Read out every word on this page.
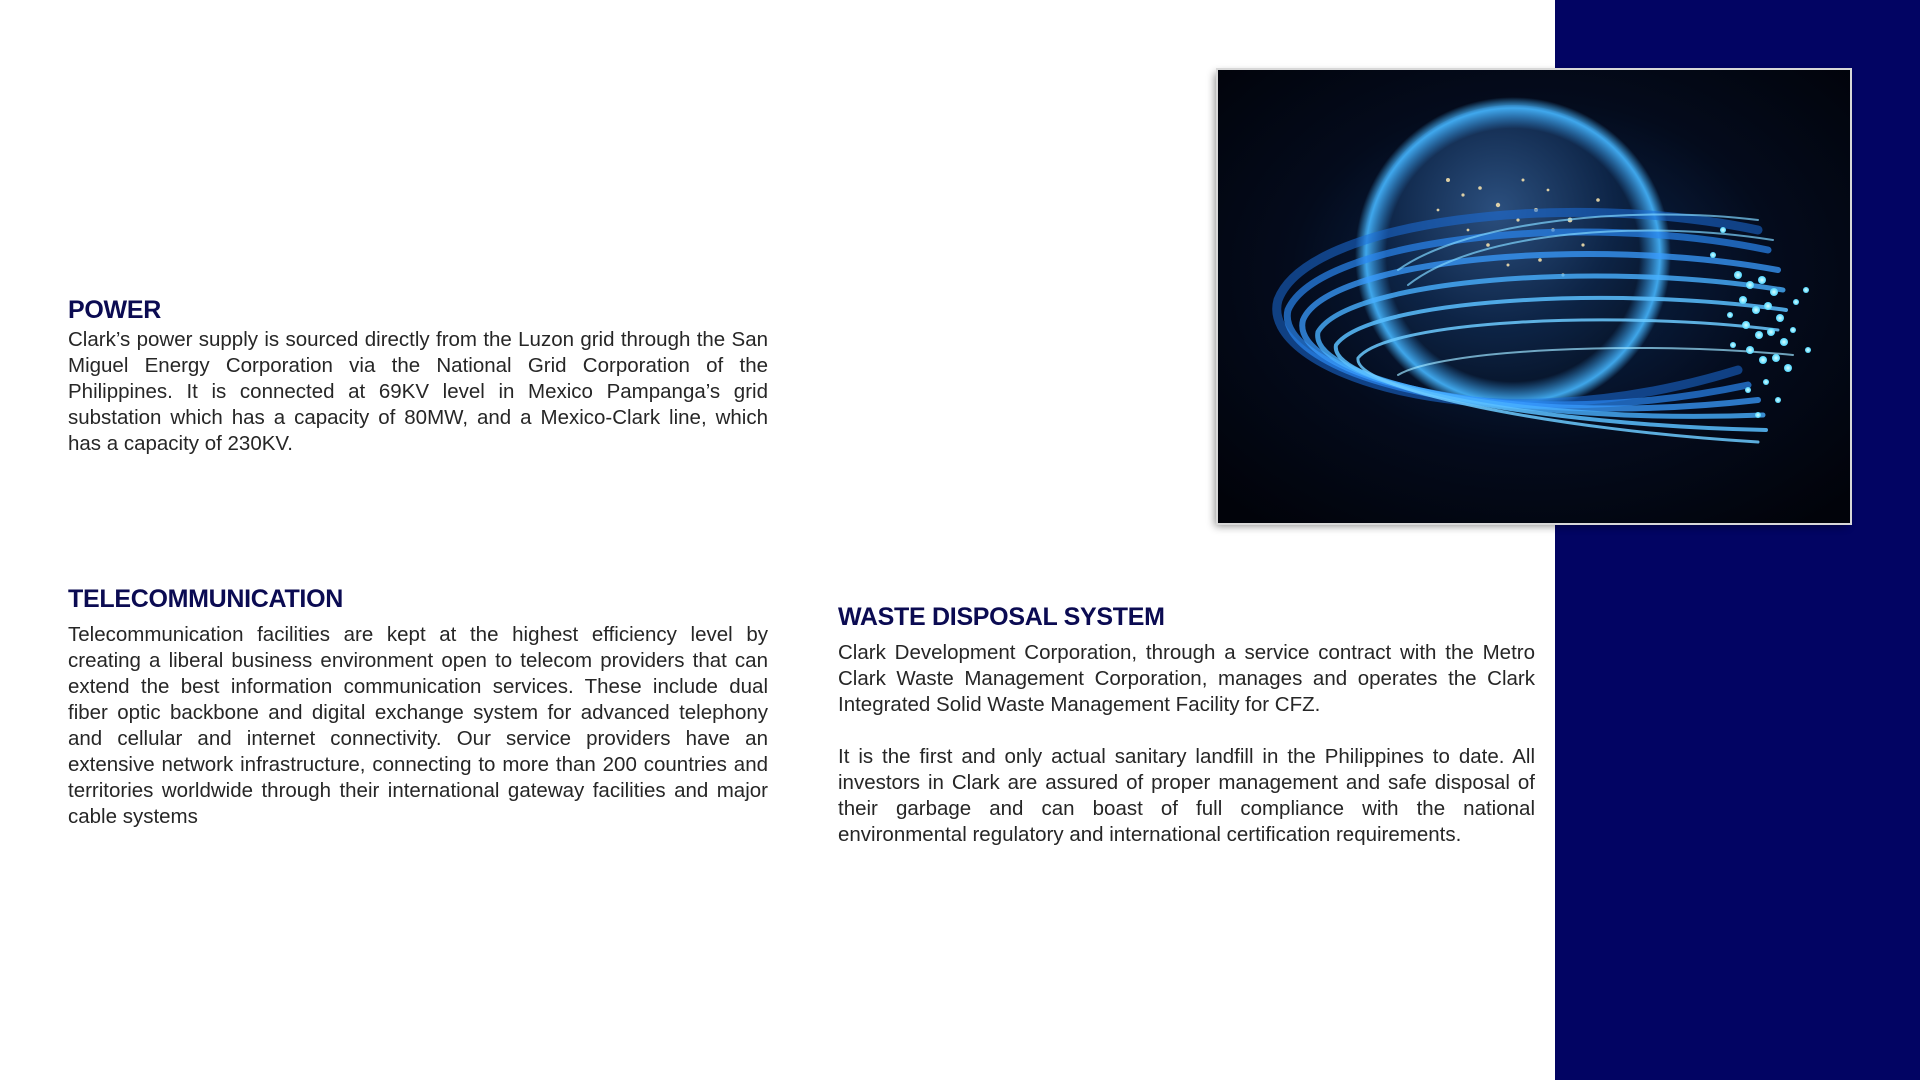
POWER

Clark’s power supply is sourced directly from the Luzon grid through the San Miguel Energy Corporation via the National Grid Corporation of the Philippines. It is connected at 69KV level in Mexico Pampanga’s grid substation which has a capacity of 80MW, and a Mexico-Clark line, which has a capacity of 230KV.

TELECOMMUNICATION

Telecommunication facilities are kept at the highest efficiency level by creating a liberal business environment open to telecom providers that can extend the best information communication services. These include dual fiber optic backbone and digital exchange system for advanced telephony and cellular and internet connectivity. Our service providers have an extensive network infrastructure, connecting to more than 200 countries and territories worldwide through their international gateway facilities and major cable systems

WASTE DISPOSAL SYSTEM

Clark Development Corporation, through a service contract with the Metro Clark Waste Management Corporation, manages and operates the Clark Integrated Solid Waste Management Facility for CFZ.

It is the first and only actual sanitary landfill in the Philippines to date. All investors in Clark are assured of proper management and safe disposal of their garbage and can boast of full compliance with the national environmental regulatory and international certification requirements.
